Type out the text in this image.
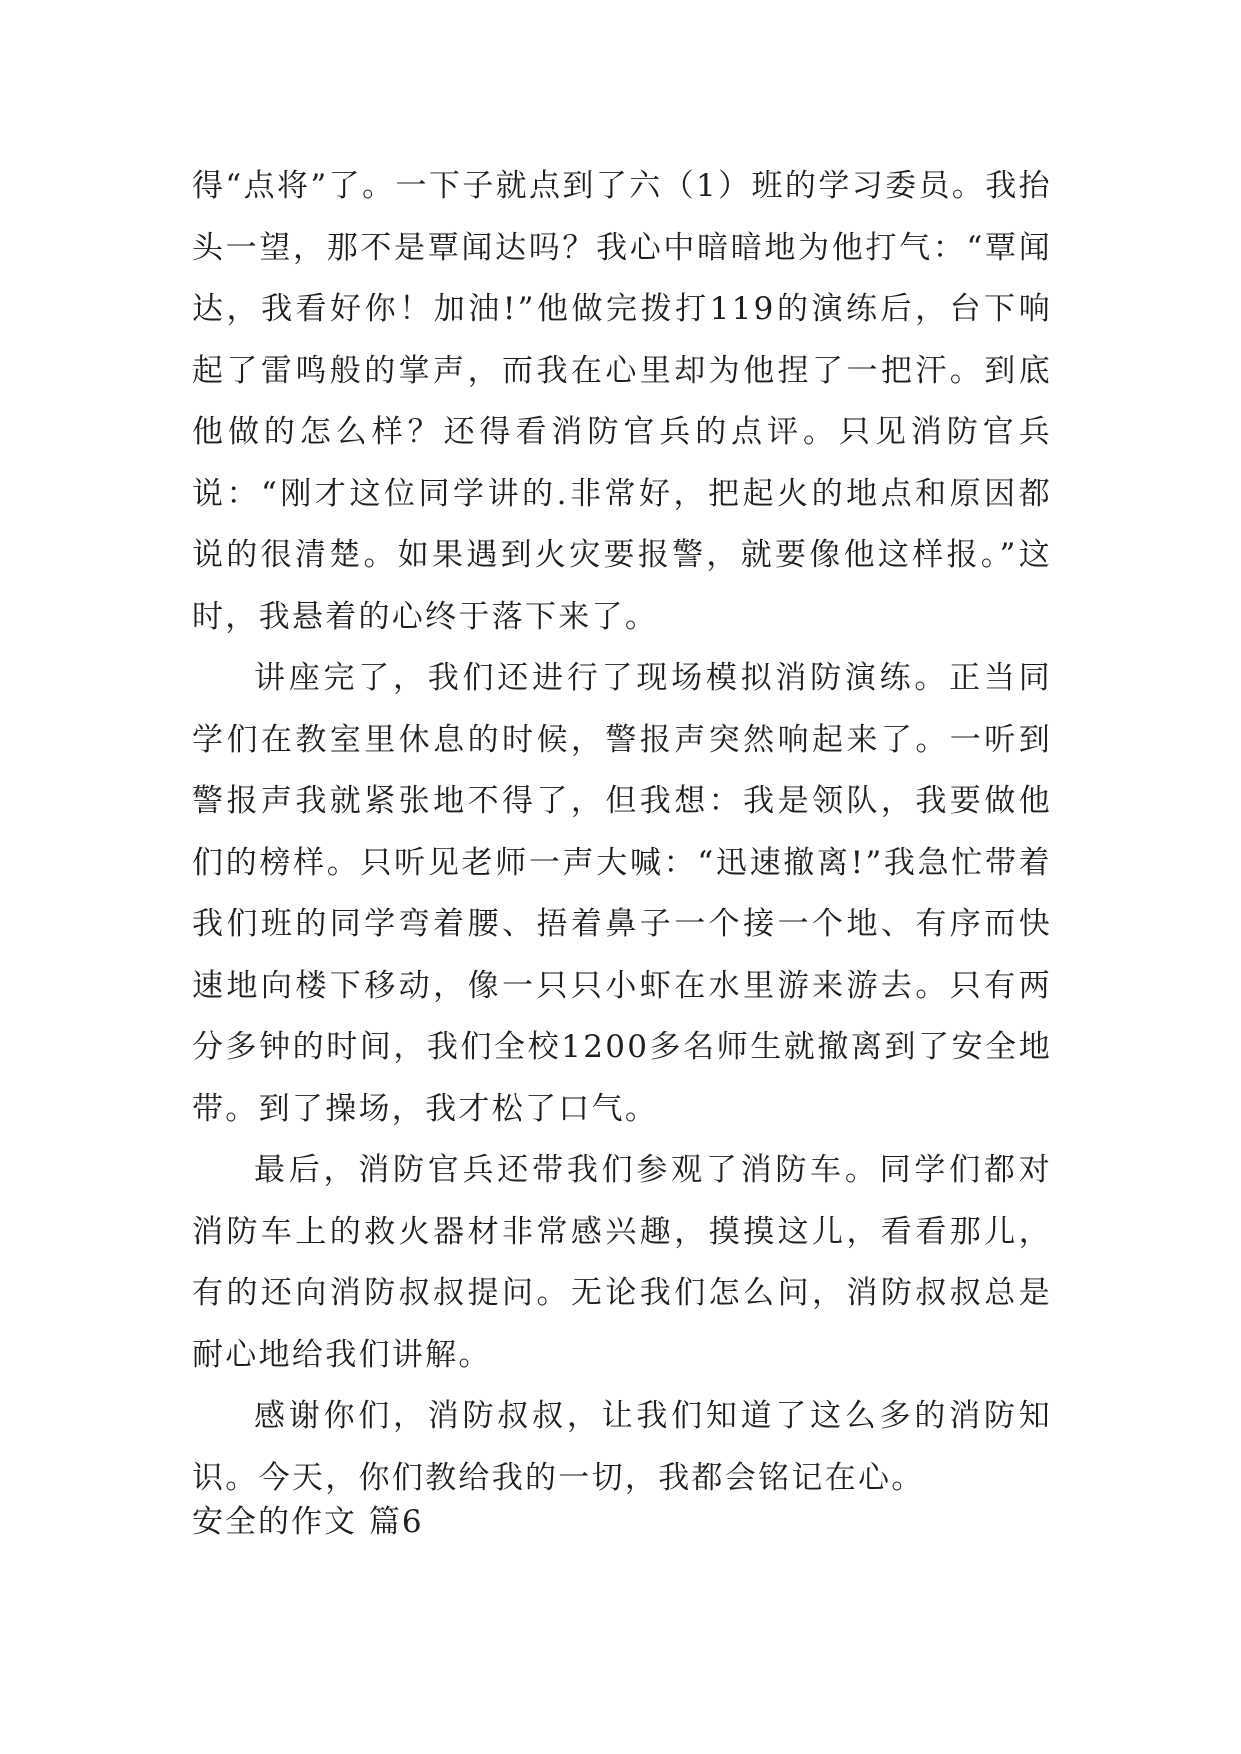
得“点将”了。一下子就点到了六（1）班的学习委员。我抬头一望，那不是覃闻达吗？我心中暗暗地为他打气：“覃闻达，我看好你！加油!”他做完拨打119的演练后，台下响起了雷鸣般的掌声，而我在心里却为他捏了一把汗。到底他做的怎么样？还得看消防官兵的点评。只见消防官兵说：“刚才这位同学讲的.非常好，把起火的地点和原因都说的很清楚。如果遇到火灾要报警，就要像他这样报。”这时，我悬着的心终于落下来了。

讲座完了，我们还进行了现场模拟消防演练。正当同学们在教室里休息的时候，警报声突然响起来了。一听到警报声我就紧张地不得了，但我想：我是领队，我要做他们的榜样。只听见老师一声大喊：“迅速撤离!”我急忙带着我们班的同学弯着腰、捂着鼻子一个接一个地、有序而快速地向楼下移动，像一只只小虾在水里游来游去。只有两分多钟的时间，我们全校1200多名师生就撤离到了安全地带。到了操场，我才松了口气。

最后，消防官兵还带我们参观了消防车。同学们都对消防车上的救火器材非常感兴趣，摸摸这儿，看看那儿，有的还向消防叔叔提问。无论我们怎么问，消防叔叔总是耐心地给我们讲解。

感谢你们，消防叔叔，让我们知道了这么多的消防知识。今天，你们教给我的一切，我都会铭记在心。

安全的作文 篇6
